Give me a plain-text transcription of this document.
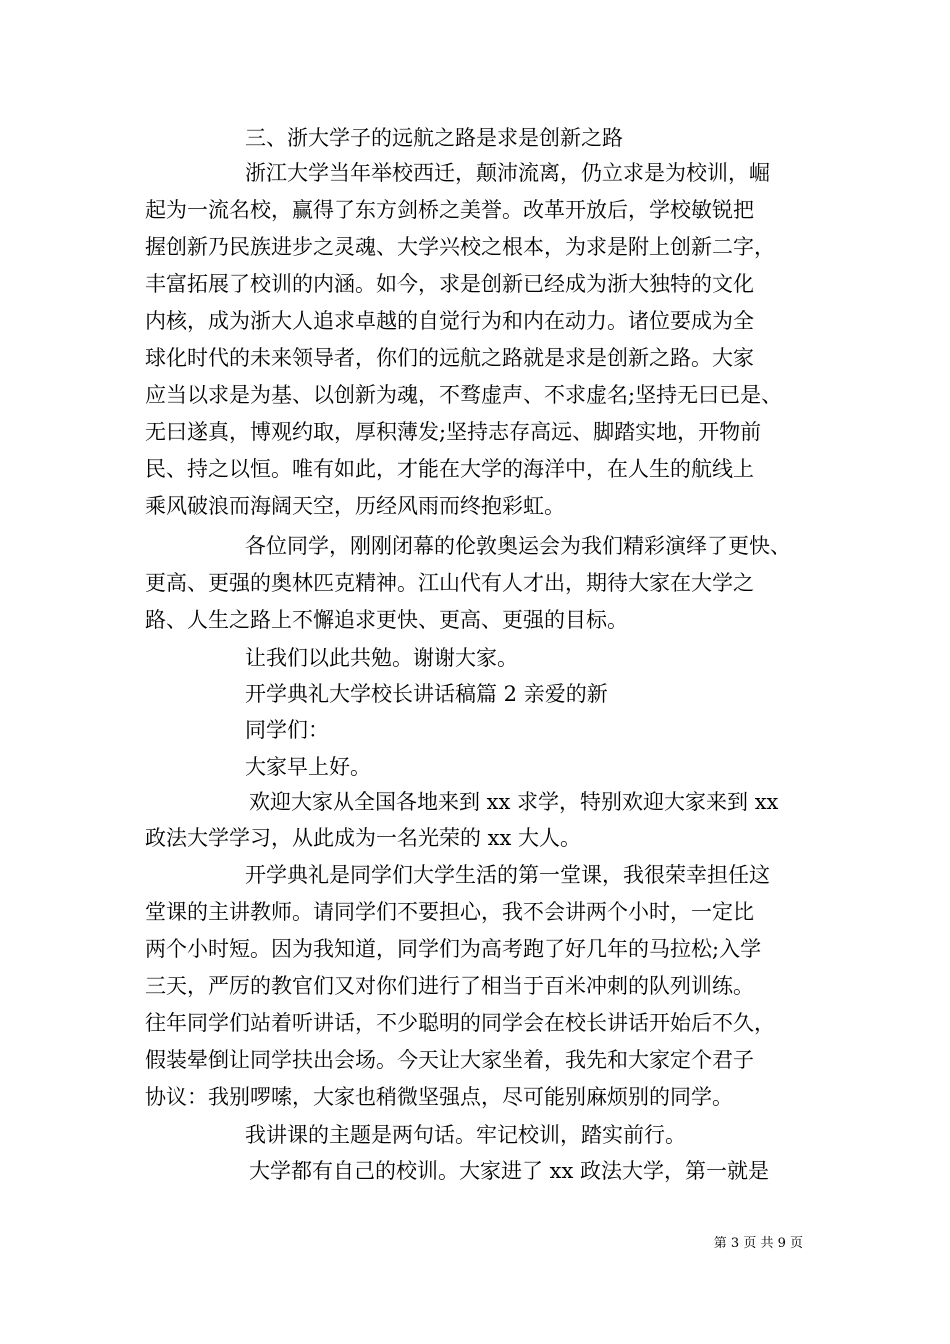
三、浙大学子的远航之路是求是创新之路
浙江大学当年举校西迁，颠沛流离，仍立求是为校训，崛
起为一流名校，赢得了东方剑桥之美誉。改革开放后，学校敏锐把
握创新乃民族进步之灵魂、大学兴校之根本，为求是附上创新二字，
丰富拓展了校训的内涵。如今，求是创新已经成为浙大独特的文化
内核，成为浙大人追求卓越的自觉行为和内在动力。诸位要成为全
球化时代的未来领导者，你们的远航之路就是求是创新之路。大家
应当以求是为基、以创新为魂，不骛虚声、不求虚名;坚持无曰已是、
无曰遂真，博观约取，厚积薄发;坚持志存高远、脚踏实地，开物前
民、持之以恒。唯有如此，才能在大学的海洋中，在人生的航线上
乘风破浪而海阔天空，历经风雨而终抱彩虹。
各位同学，刚刚闭幕的伦敦奥运会为我们精彩演绎了更快、
更高、更强的奥林匹克精神。江山代有人才出，期待大家在大学之
路、人生之路上不懈追求更快、更高、更强的目标。
让我们以此共勉。谢谢大家。
开学典礼大学校长讲话稿篇 2 亲爱的新
同学们：
大家早上好。
欢迎大家从全国各地来到 xx 求学，特别欢迎大家来到 xx
政法大学学习，从此成为一名光荣的 xx 大人。
开学典礼是同学们大学生活的第一堂课，我很荣幸担任这
堂课的主讲教师。请同学们不要担心，我不会讲两个小时，一定比
两个小时短。因为我知道，同学们为高考跑了好几年的马拉松;入学
三天，严厉的教官们又对你们进行了相当于百米冲刺的队列训练。
往年同学们站着听讲话，不少聪明的同学会在校长讲话开始后不久，
假装晕倒让同学扶出会场。今天让大家坐着，我先和大家定个君子
协议：我别啰嗦，大家也稍微坚强点，尽可能别麻烦别的同学。
我讲课的主题是两句话。牢记校训，踏实前行。
大学都有自己的校训。大家进了 xx 政法大学，第一就是
第 3 页 共 9 页
